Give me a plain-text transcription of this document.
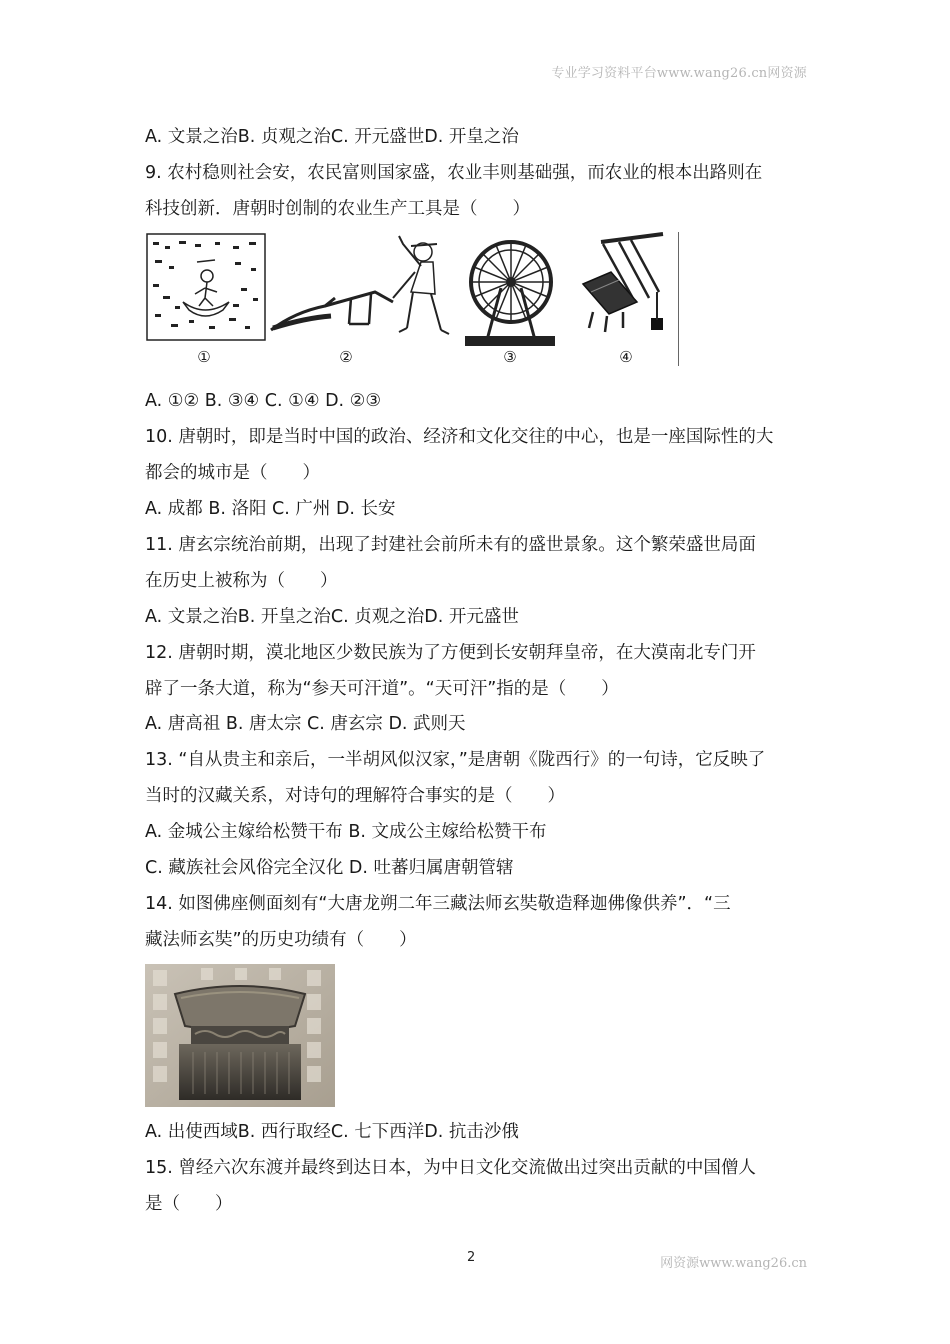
专业学习资料平台www.wang26.cn网资源
A. 文景之治B. 贞观之治C. 开元盛世D. 开皇之治
9. 农村稳则社会安，农民富则国家盛，农业丰则基础强，而农业的根本出路则在
科技创新．唐朝时创制的农业生产工具是（　　）
①	②	③	④
A. ①② B. ③④ C. ①④ D. ②③
10. 唐朝时，即是当时中国的政治、经济和文化交往的中心，也是一座国际性的大
都会的城市是（　　）
A. 成都 B. 洛阳 C. 广州 D. 长安
11. 唐玄宗统治前期，出现了封建社会前所未有的盛世景象。这个繁荣盛世局面
在历史上被称为（　　）
A. 文景之治B. 开皇之治C. 贞观之治D. 开元盛世
12. 唐朝时期，漠北地区少数民族为了方便到长安朝拜皇帝，在大漠南北专门开
辟了一条大道，称为“参天可汗道”。“天可汗”指的是（　　）
A. 唐高祖 B. 唐太宗 C. 唐玄宗 D. 武则天
13. “自从贵主和亲后，一半胡风似汉家，”是唐朝《陇西行》的一句诗，它反映了
当时的汉藏关系，对诗句的理解符合事实的是（　　）
A. 金城公主嫁给松赞干布 B. 文成公主嫁给松赞干布
C. 藏族社会风俗完全汉化 D. 吐蕃归属唐朝管辖
14. 如图佛座侧面刻有“大唐龙朔二年三藏法师玄奘敬造释迦佛像供养”．“三
藏法师玄奘”的历史功绩有（　　）
A. 出使西域B. 西行取经C. 七下西洋D. 抗击沙俄
15. 曾经六次东渡并最终到达日本，为中日文化交流做出过突出贡献的中国僧人
是（　　）
2	网资源www.wang26.cn
